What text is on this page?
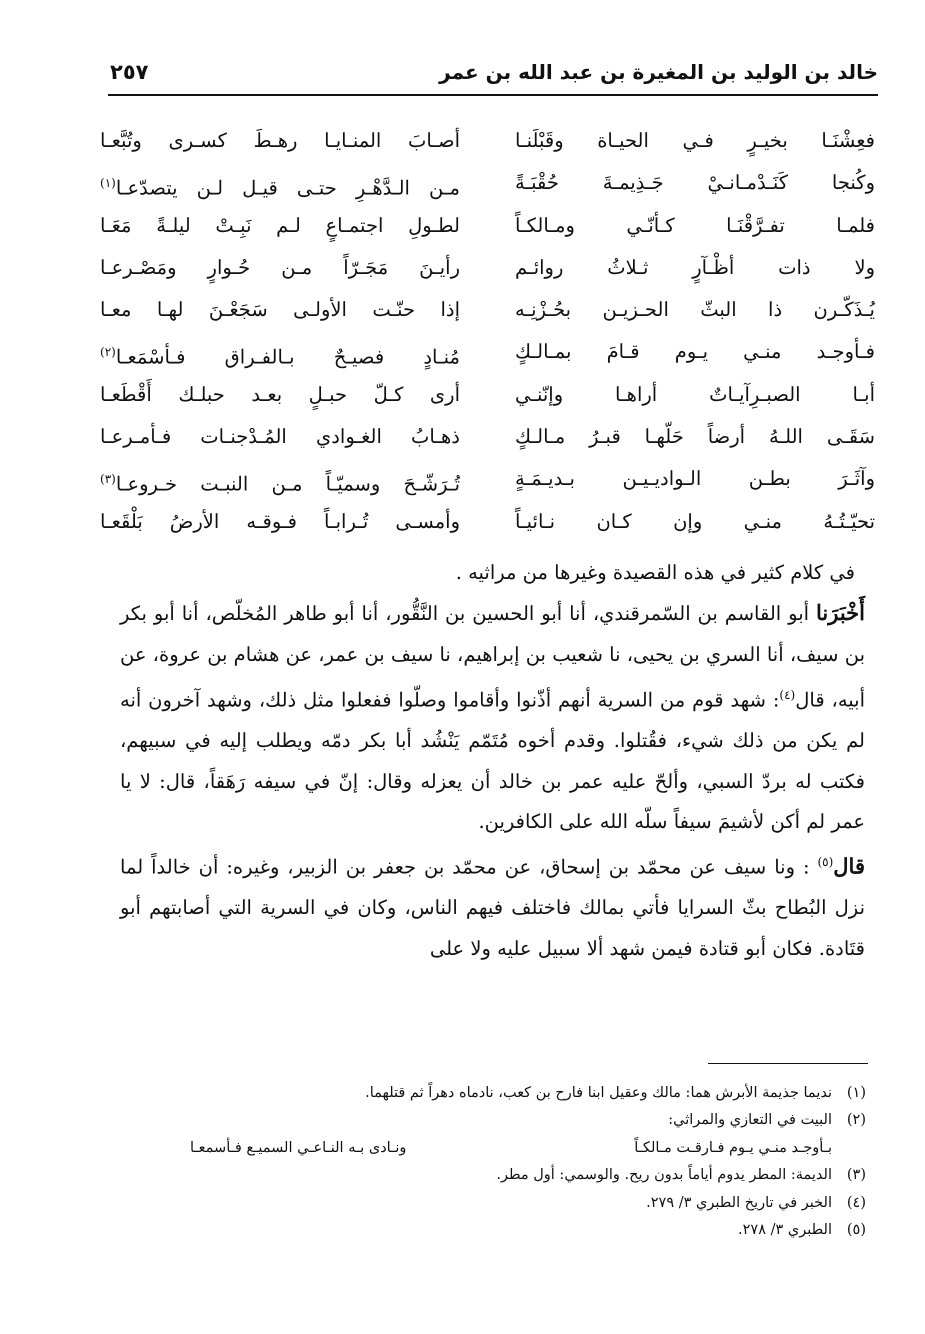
خالد بن الوليد بن المغيرة بن عبد الله بن عمر
٢٥٧
فعِشْنَـا بخيـرٍ فـي الحيـاة وقَبْلَنـا
وكُنجا كَنَـدْمـانـيْ جَـذِيمـةَ حُقْبَـةً
فلمـا تفـرَّقْنَـا كـأنّـي ومـالكـاً
ولا ذات أظْـآرٍ ثـلاثُ روائـم
يُـذَكّـرن ذا البثّ الحـزيـن بحُـزْنِـه
فـأوجـد منـي يـوم قـامَ بمـالـكٍ
أبـا الصبـرِآيـاتٌ أراهـا وإنّنـي
سَقَـى اللـهُ أرضاً حَلّهـا قبـرُ مـالـكٍ
وآثَـرَ بطـن الـواديـيـن بـديـمَـةٍ
تحيّـتُـهُ منـي وإن كـان نـائيـاً
أصـابَ المنـايـا رهـطَ كسـرى وتُبَّعـا
مـن الـدَّهْـرِ حتـى قيـل لـن يتصدّعـا$^{(١)}$
لطـولِ اجتمـاعٍ لـم نَبِـتْ ليلـةً مَعَـا
رأيـنَ مَجَـرّاً مـن حُـوارٍ ومَصْـرعـا
إذا حنّـت الأولـى سَجَعْـنَ لهـا معـا
مُنـادٍ فصيـحٌ بـالفـراق فـأسْمَعـا$^{(٢)}$
أرى كـلّ حبـلٍ بعـد حبلـك أَقْطَعـا
ذهـابُ الغـوادي المُـدْجنـات فـأمـرعـا
تُـرَشّـحَ وسميّـاً مـن النبـت خـروعـا$^{(٣)}$
وأمسـى تُـرابـاً فـوقـه الأرضُ بَلْقَعـا

في كلام كثير في هذه القصيدة وغيرها من مراثيه .

أَخْبَرَنا أبو القاسم بن السّمرقندي، أنا أبو الحسين بن النَّقُّور، أنا أبو طاهر المُخلّص، أنا أبو بكر بن سيف، أنا السري بن يحيى، نا شعيب بن إبراهيم، نا سيف بن عمر، عن هشام بن عروة، عن أبيه، قال$^{(٤)}$: شهد قوم من السرية أنهم أذّنوا وأقاموا وصلّوا ففعلوا مثل ذلك، وشهد آخرون أنه لم يكن من ذلك شيء، فقُتلوا. وقدم أخوه مُتَمّم يَنْشُد أبا بكر دمّه ويطلب إليه في سبيهم، فكتب له بردّ السبي، وألحّ عليه عمر بن خالد أن يعزله وقال: إنّ في سيفه رَهَقاً، قال: لا يا عمر لم أكن لأشيمَ سيفاً سلّه الله على الكافرين.

قال$^{(٥)}$ : ونا سيف عن محمّد بن إسحاق، عن محمّد بن جعفر بن الزبير، وغيره: أن خالداً لما نزل البُطاح بثّ السرايا فأتي بمالك فاختلف فيهم الناس، وكان في السرية التي أصابتهم أبو قتَادة. فكان أبو قتادة فيمن شهد ألا سبيل عليه ولا على

(١)نديما جذيمة الأبرش هما: مالك وعقيل ابنا فارح بن كعب، نادماه دهراً ثم قتلهما.
(٢)البيت في التعازي والمراثي:
بـأوجـد منـي يـوم فـارقـت مـالكـاً
ونـادى بـه النـاعـي السميـع فـأسمعـا
(٣)الديمة: المطر يدوم أياماً بدون ريح. والوسمي: أول مطر.
(٤)الخبر في تاريخ الطبري ٣/ ٢٧٩.
(٥)الطبري ٣/ ٢٧٨.
